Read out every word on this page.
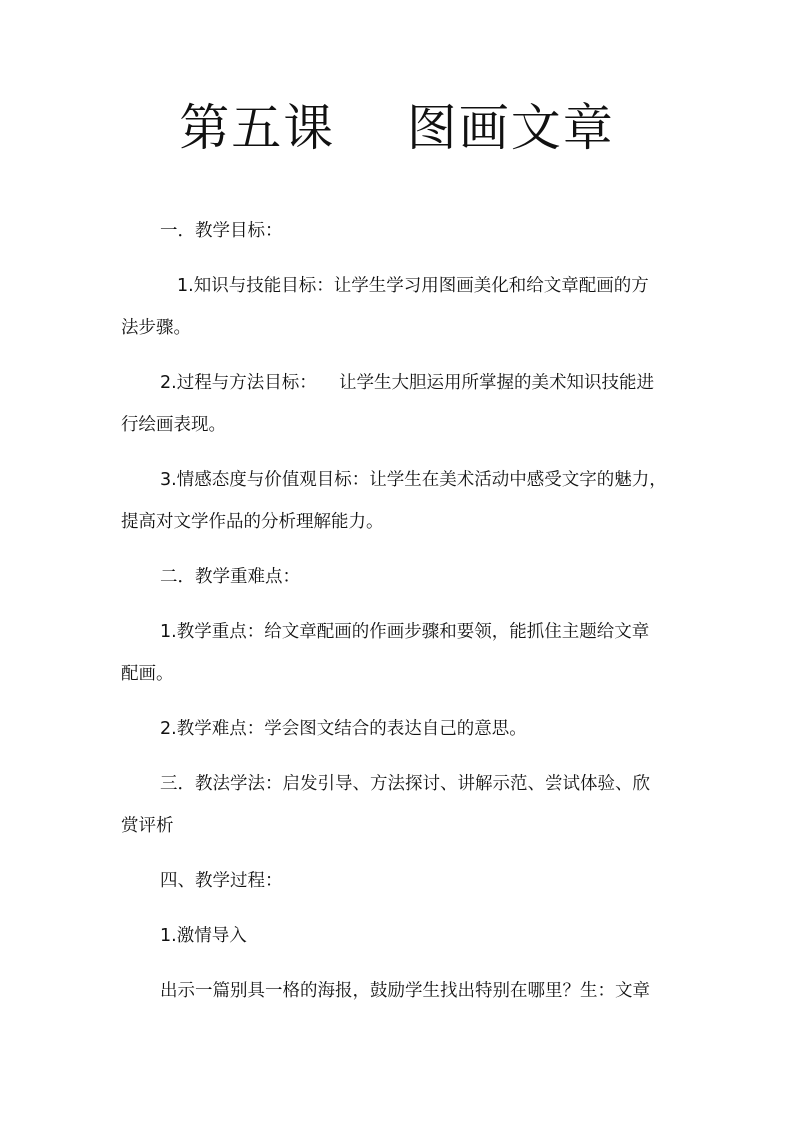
第五课    图画文章
一．教学目标：
1.知识与技能目标：让学生学习用图画美化和给文章配画的方
法步骤。
2.过程与方法目标：    让学生大胆运用所掌握的美术知识技能进
行绘画表现。
3.情感态度与价值观目标：让学生在美术活动中感受文字的魅力，
提高对文学作品的分析理解能力。
二．教学重难点：
1.教学重点：给文章配画的作画步骤和要领，能抓住主题给文章
配画。
2.教学难点：学会图文结合的表达自己的意思。
三．教法学法：启发引导、方法探讨、讲解示范、尝试体验、欣
赏评析
四、教学过程：
1.激情导入
出示一篇别具一格的海报，鼓励学生找出特别在哪里？生：文章
